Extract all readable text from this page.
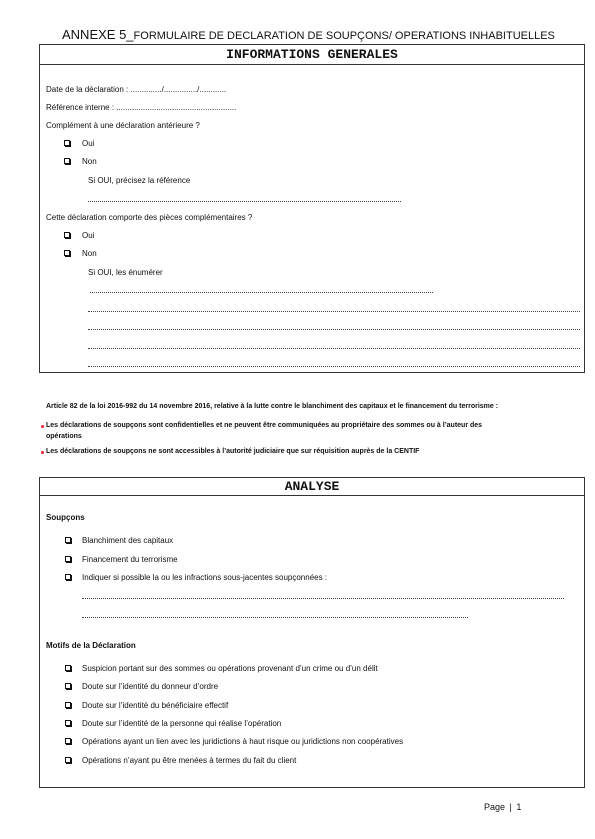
ANNEXE 5_FORMULAIRE DE DECLARATION DE SOUPÇONS/ OPERATIONS INHABITUELLES
INFORMATIONS GENERALES
Date de la déclaration : ............../.............../............
Référence interne : ......................................................
Complément à une déclaration antérieure ?
Oui
Non
Si OUI, précisez la référence
Cette déclaration comporte des pièces complémentaires ?
Oui
Non
Si OUI, les énumérer
Article 82 de la loi 2016-992 du 14 novembre 2016, relative à la lutte contre le blanchiment des capitaux et le financement du terrorisme :
Les déclarations de soupçons sont confidentielles et ne peuvent être communiquées au propriétaire des sommes ou à l’auteur des
opérations
Les déclarations de soupçons ne sont accessibles à l’autorité judiciaire que sur réquisition auprès de la CENTIF
ANALYSE
Soupçons
Blanchiment des capitaux
Financement du terrorisme
Indiquer si possible la ou les infractions sous-jacentes soupçonnées :
Motifs de la Déclaration
Suspicion portant sur des sommes ou opérations provenant d’un crime ou d’un délit
Doute sur l’identité du donneur d’ordre
Doute sur l’identité du bénéficiaire effectif
Doute sur l’identité de la personne qui réalise l’opération
Opérations ayant un lien avec les juridictions à haut risque ou juridictions non coopératives
Opérations n’ayant pu être menées à termes du fait du client
Page | 1
